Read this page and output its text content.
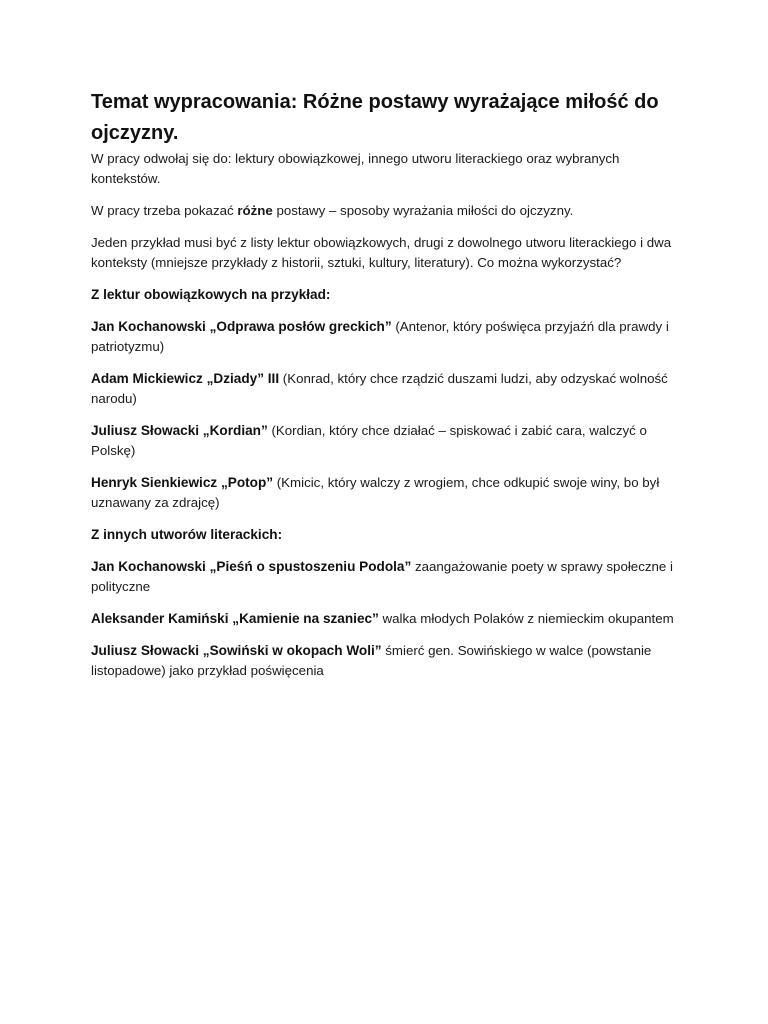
Temat wypracowania: Różne postawy wyrażające miłość do ojczyzny.

W pracy odwołaj się do: lektury obowiązkowej, innego utworu literackiego oraz wybranych kontekstów.

W pracy trzeba pokazać różne postawy – sposoby wyrażania miłości do ojczyzny.

Jeden przykład musi być z listy lektur obowiązkowych, drugi z dowolnego utworu literackiego i dwa konteksty (mniejsze przykłady z historii, sztuki, kultury, literatury). Co można wykorzystać?

Z lektur obowiązkowych na przykład:

Jan Kochanowski „Odprawa posłów greckich” (Antenor, który poświęca przyjaźń dla prawdy i patriotyzmu)

Adam Mickiewicz „Dziady” III (Konrad, który chce rządzić duszami ludzi, aby odzyskać wolność narodu)

Juliusz Słowacki „Kordian” (Kordian, który chce działać – spiskować i zabić cara, walczyć o Polskę)

Henryk Sienkiewicz „Potop” (Kmicic, który walczy z wrogiem, chce odkupić swoje winy, bo był uznawany za zdrajcę)

Z innych utworów literackich:

Jan Kochanowski „Pieśń o spustoszeniu Podola” zaangażowanie poety w sprawy społeczne i polityczne

Aleksander Kamiński „Kamienie na szaniec” walka młodych Polaków z niemieckim okupantem

Juliusz Słowacki „Sowiński w okopach Woli” śmierć gen. Sowińskiego w walce (powstanie listopadowe) jako przykład poświęcenia
